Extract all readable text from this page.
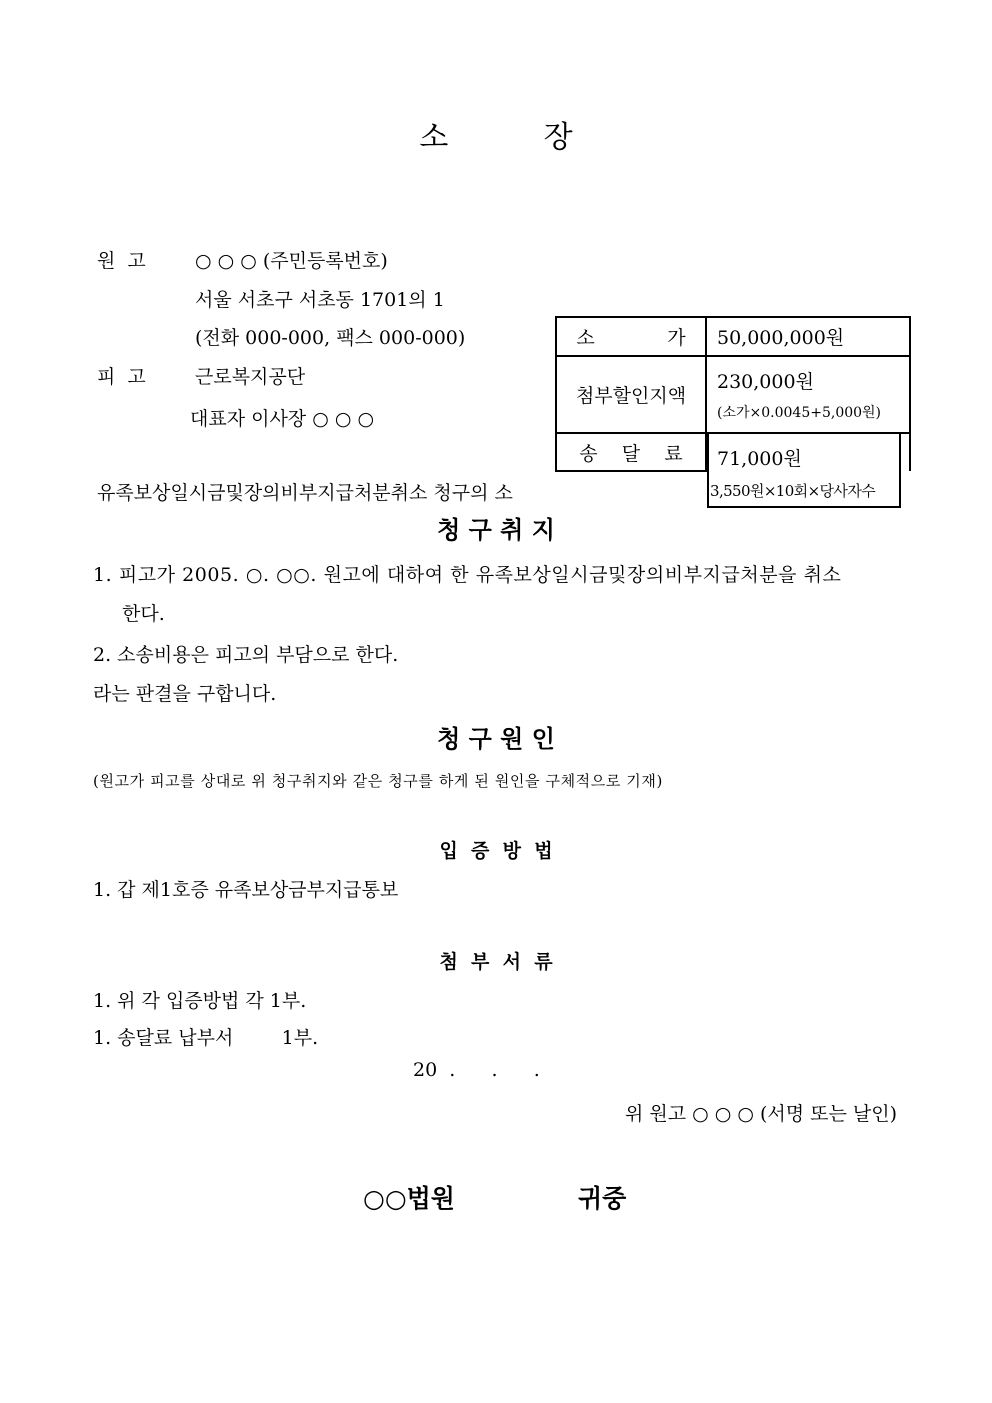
소          장
원  고	○ ○ ○ (주민등록번호)
서울 서초구 서초동 1701의 1
(전화 000-000, 팩스 000-000)
피  고	근로복지공단
대표자 이사장 ○ ○ ○
소            가	50,000,000원
첨부할인지액	230,000원
(소가×0.0045+5,000원)

송    달    료	71,000원
3,550원×10회×당사자수
유족보상일시금및장의비부지급처분취소 청구의 소
청 구 취 지
1. 피고가 2005. ○. ○○. 원고에 대하여 한 유족보상일시금및장의비부지급처분을 취소
한다.
2. 소송비용은 피고의 부담으로 한다.
라는 판결을 구합니다.
청 구 원 인
(원고가 피고를 상대로 위 청구취지와 같은 청구를 하게 된 원인을 구체적으로 기재)
입  증  방  법
1. 갑 제1호증 유족보상금부지급통보
첨  부  서  류
1. 위 각 입증방법 각 1부.
1. 송달료 납부서        1부.
20  .      .      .
위 원고 ○ ○ ○ (서명 또는 날인)
○○법원	귀중
